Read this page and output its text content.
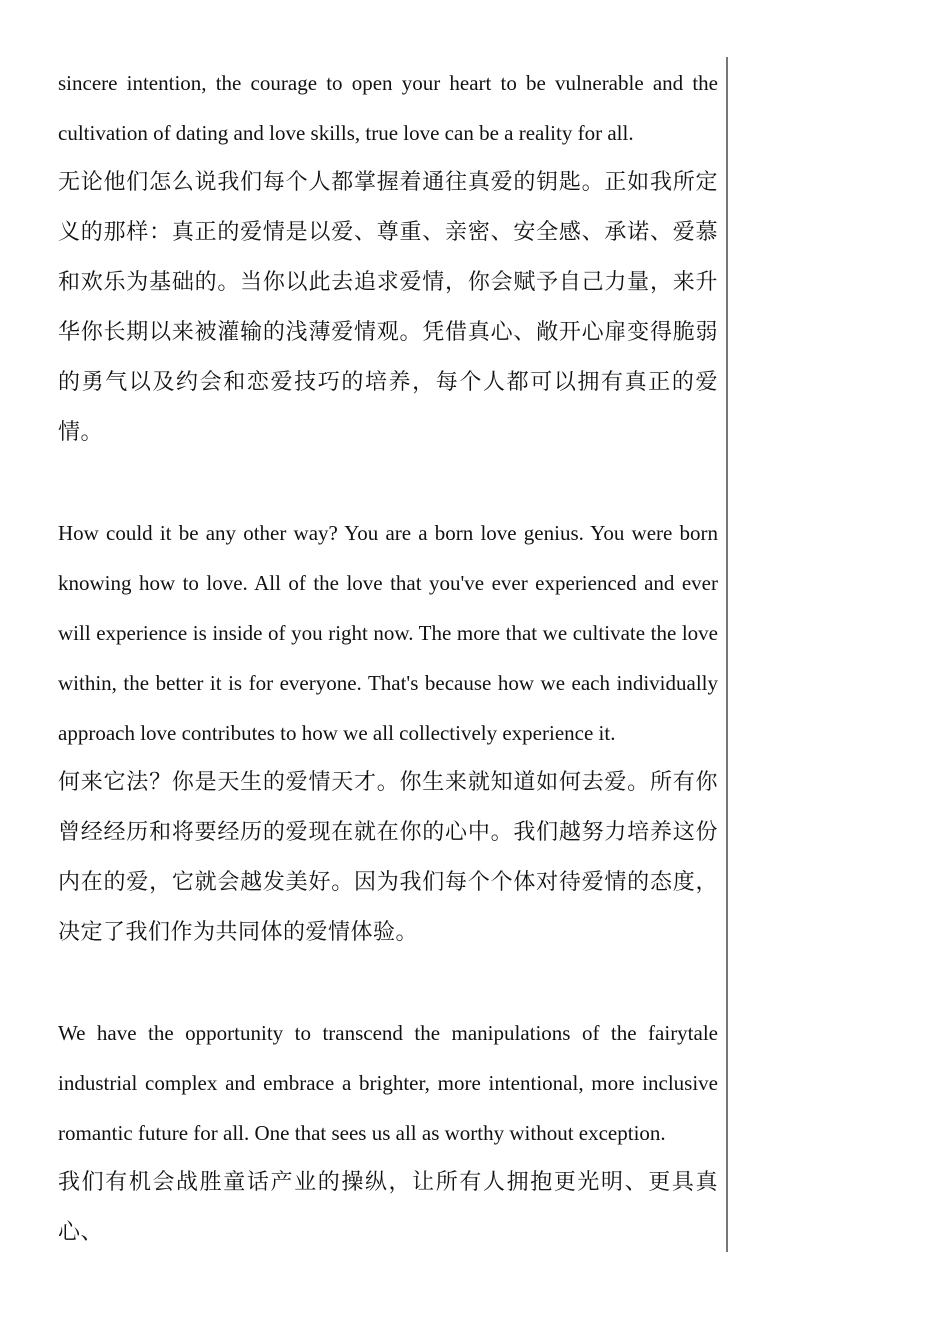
sincere intention, the courage to open your heart to be vulnerable and the cultivation of dating and love skills, true love can be a reality for all.

无论他们怎么说我们每个人都掌握着通往真爱的钥匙。正如我所定义的那样：真正的爱情是以爱、尊重、亲密、安全感、承诺、爱慕和欢乐为基础的。当你以此去追求爱情，你会赋予自己力量，来升华你长期以来被灌输的浅薄爱情观。凭借真心、敞开心扉变得脆弱的勇气以及约会和恋爱技巧的培养，每个人都可以拥有真正的爱情。

How could it be any other way? You are a born love genius. You were born knowing how to love. All of the love that you've ever experienced and ever will experience is inside of you right now. The more that we cultivate the love within, the better it is for everyone. That's because how we each individually approach love contributes to how we all collectively experience it.

何来它法？你是天生的爱情天才。你生来就知道如何去爱。所有你曾经经历和将要经历的爱现在就在你的心中。我们越努力培养这份内在的爱，它就会越发美好。因为我们每个个体对待爱情的态度，决定了我们作为共同体的爱情体验。

We have the opportunity to transcend the manipulations of the fairytale industrial complex and embrace a brighter, more intentional, more inclusive romantic future for all. One that sees us all as worthy without exception.

我们有机会战胜童话产业的操纵，让所有人拥抱更光明、更具真心、
